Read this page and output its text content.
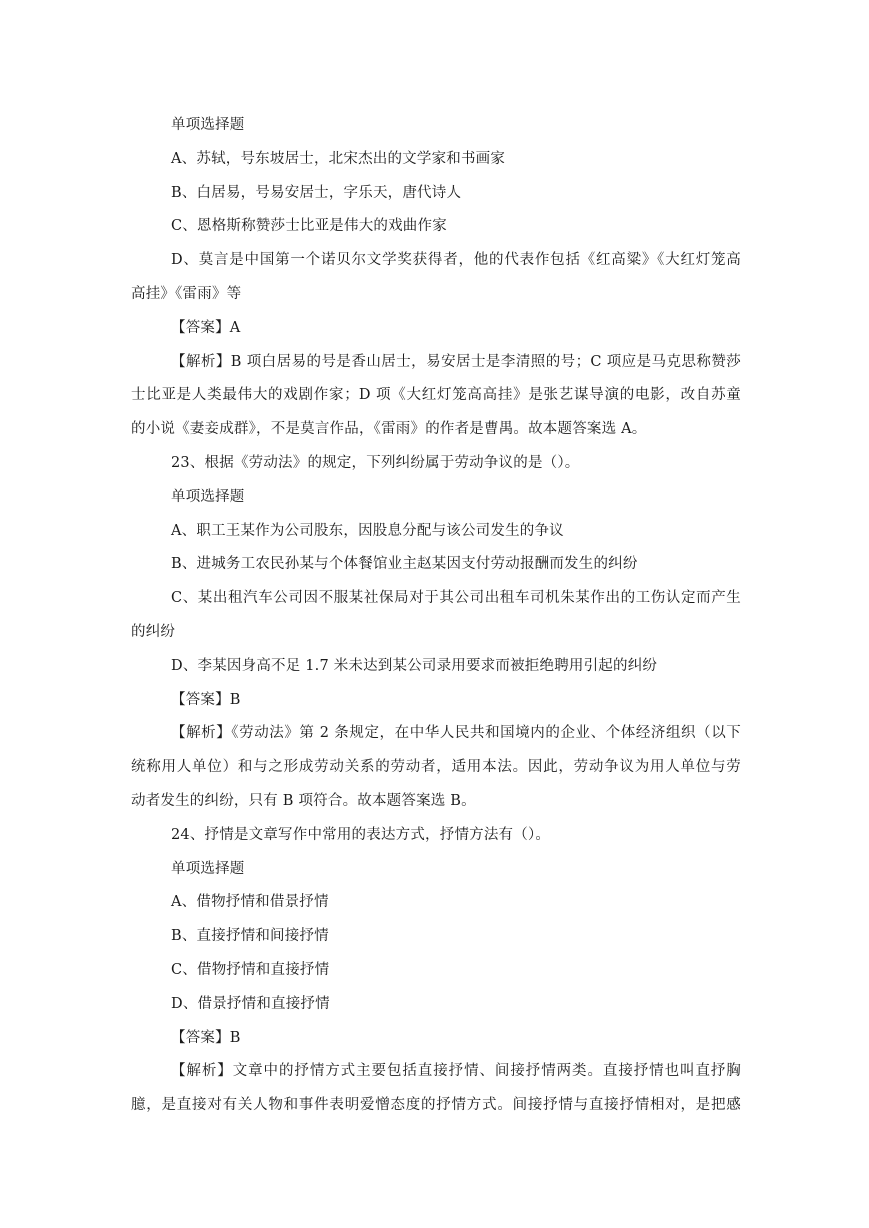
单项选择题
A、苏轼，号东坡居士，北宋杰出的文学家和书画家
B、白居易，号易安居士，字乐天，唐代诗人
C、恩格斯称赞莎士比亚是伟大的戏曲作家
D、莫言是中国第一个诺贝尔文学奖获得者，他的代表作包括《红高粱》《大红灯笼高
高挂》《雷雨》等
【答案】A
【解析】B 项白居易的号是香山居士，易安居士是李清照的号；C 项应是马克思称赞莎
士比亚是人类最伟大的戏剧作家；D 项《大红灯笼高高挂》是张艺谋导演的电影，改自苏童
的小说《妻妾成群》，不是莫言作品，《雷雨》的作者是曹禺。故本题答案选 A。
23、根据《劳动法》的规定，下列纠纷属于劳动争议的是（）。
单项选择题
A、职工王某作为公司股东，因股息分配与该公司发生的争议
B、进城务工农民孙某与个体餐馆业主赵某因支付劳动报酬而发生的纠纷
C、某出租汽车公司因不服某社保局对于其公司出租车司机朱某作出的工伤认定而产生
的纠纷
D、李某因身高不足 1.7 米未达到某公司录用要求而被拒绝聘用引起的纠纷
【答案】B
【解析】《劳动法》第 2 条规定，在中华人民共和国境内的企业、个体经济组织（以下
统称用人单位）和与之形成劳动关系的劳动者，适用本法。因此，劳动争议为用人单位与劳
动者发生的纠纷，只有 B 项符合。故本题答案选 B。
24、抒情是文章写作中常用的表达方式，抒情方法有（）。
单项选择题
A、借物抒情和借景抒情
B、直接抒情和间接抒情
C、借物抒情和直接抒情
D、借景抒情和直接抒情
【答案】B
【解析】文章中的抒情方式主要包括直接抒情、间接抒情两类。直接抒情也叫直抒胸
臆，是直接对有关人物和事件表明爱憎态度的抒情方式。间接抒情与直接抒情相对，是把感
